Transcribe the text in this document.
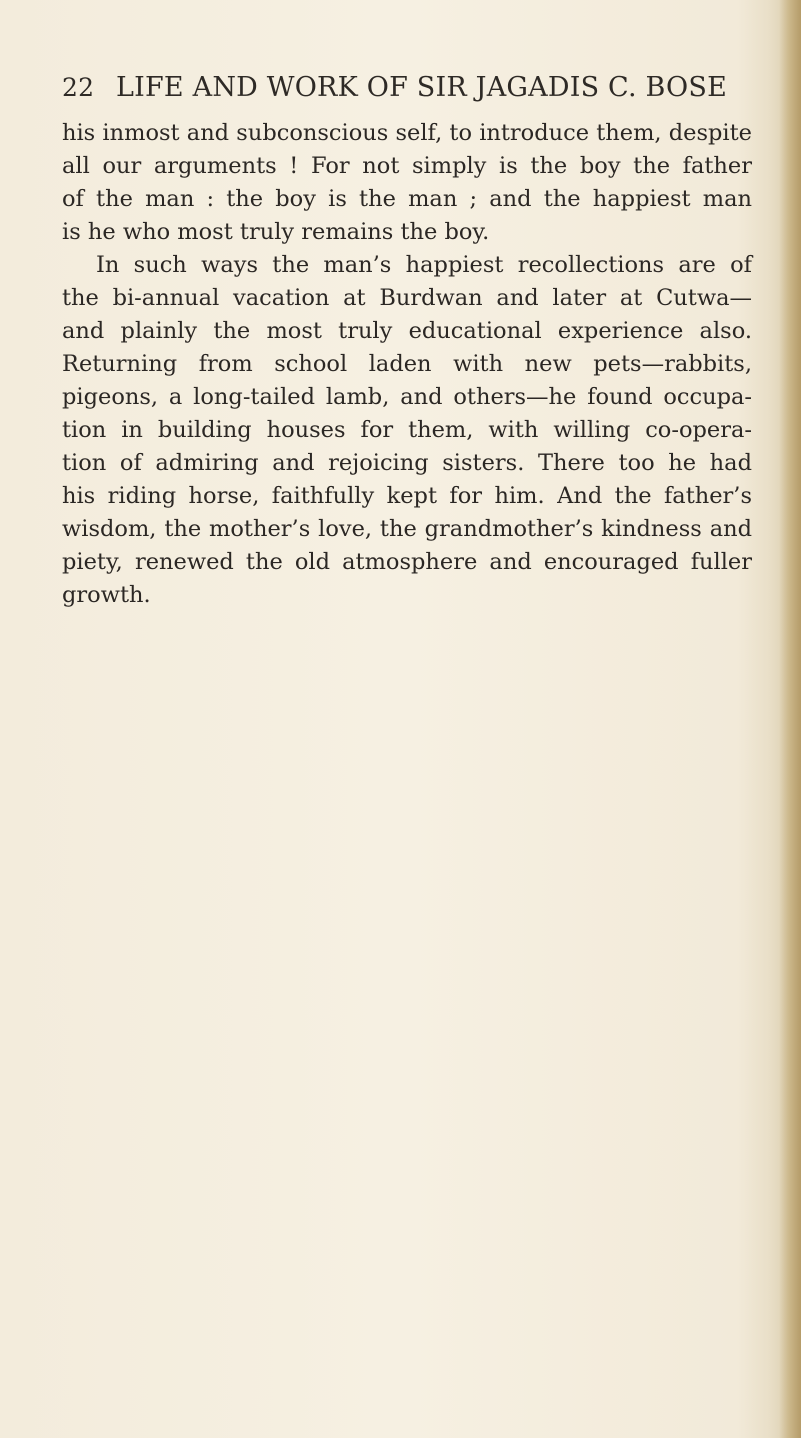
22 LIFE AND WORK OF SIR JAGADIS C. BOSE
his inmost and subconscious self, to introduce them, despite
all our arguments ! For not simply is the boy the father
of the man : the boy is the man ; and the happiest man
is he who most truly remains the boy.
In such ways the man’s happiest recollections are of
the bi-annual vacation at Burdwan and later at Cutwa—
and plainly the most truly educational experience also.
Returning from school laden with new pets—rabbits,
pigeons, a long-tailed lamb, and others—he found occupa-
tion in building houses for them, with willing co-opera-
tion of admiring and rejoicing sisters. There too he had
his riding horse, faithfully kept for him. And the father’s
wisdom, the mother’s love, the grandmother’s kindness and
piety, renewed the old atmosphere and encouraged fuller
growth.
